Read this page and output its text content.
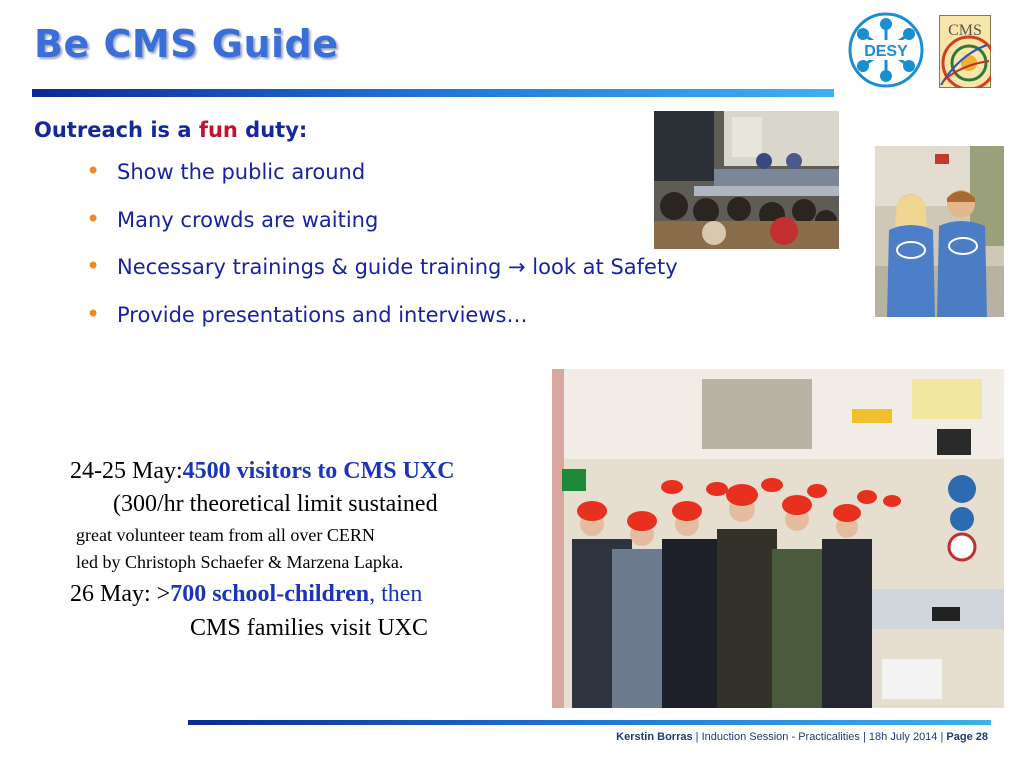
Be CMS Guide	DESY
CMS
Outreach is a fun duty:
• Show the public around
• Many crowds are waiting
• Necessary trainings & guide training → look at Safety
• Provide presentations and interviews…
24-25 May:4500 visitors to CMS UXC
(300/hr theoretical limit sustained
great volunteer team from all over CERN
led by Christoph Schaefer & Marzena Lapka.
26 May: >700 school-children, then
CMS families visit UXC
Kerstin Borras | Induction Session - Practicalities | 18h July 2014 | Page 28
